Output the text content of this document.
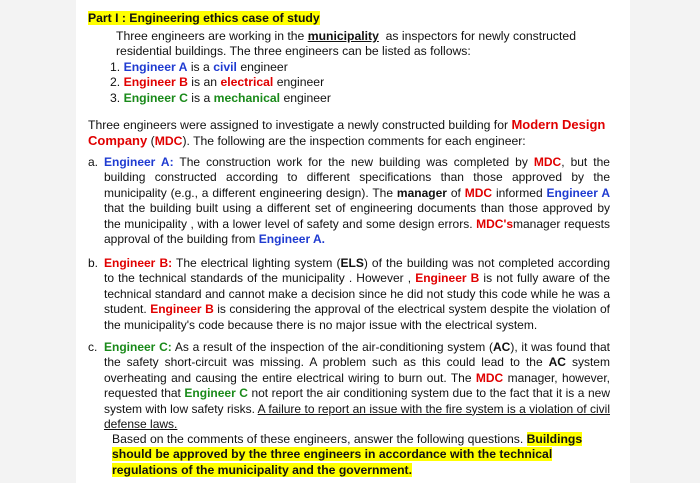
Part I : Engineering ethics case of study

Three engineers are working in the municipality as inspectors for newly constructed residential buildings. The three engineers can be listed as follows:

1. Engineer A is a civil engineer
2. Engineer B is an electrical engineer
3. Engineer C is a mechanical engineer

Three engineers were assigned to investigate a newly constructed building for Modern Design Company (MDC). The following are the inspection comments for each engineer:

a. Engineer A: The construction work for the new building was completed by MDC, but the building constructed according to different specifications than those approved by the municipality (e.g., a different engineering design). The manager of MDC informed Engineer A that the building built using a different set of engineering documents than those approved by the municipality , with a lower level of safety and some design errors. MDC'smanager requests approval of the building from Engineer A.
b. Engineer B: The electrical lighting system (ELS) of the building was not completed according to the technical standards of the municipality . However , Engineer B is not fully aware of the technical standard and cannot make a decision since he did not study this code while he was a student. Engineer B is considering the approval of the electrical system despite the violation of the municipality's code because there is no major issue with the electrical system.
c. Engineer C: As a result of the inspection of the air-conditioning system (AC), it was found that the safety short-circuit was missing. A problem such as this could lead to the AC system overheating and causing the entire electrical wiring to burn out. The MDC manager, however, requested that Engineer C not report the air conditioning system due to the fact that it is a new system with low safety risks. A failure to report an issue with the fire system is a violation of civil defense laws.
Based on the comments of these engineers, answer the following questions. Buildings should be approved by the three engineers in accordance with the technical regulations of the municipality and the government.
